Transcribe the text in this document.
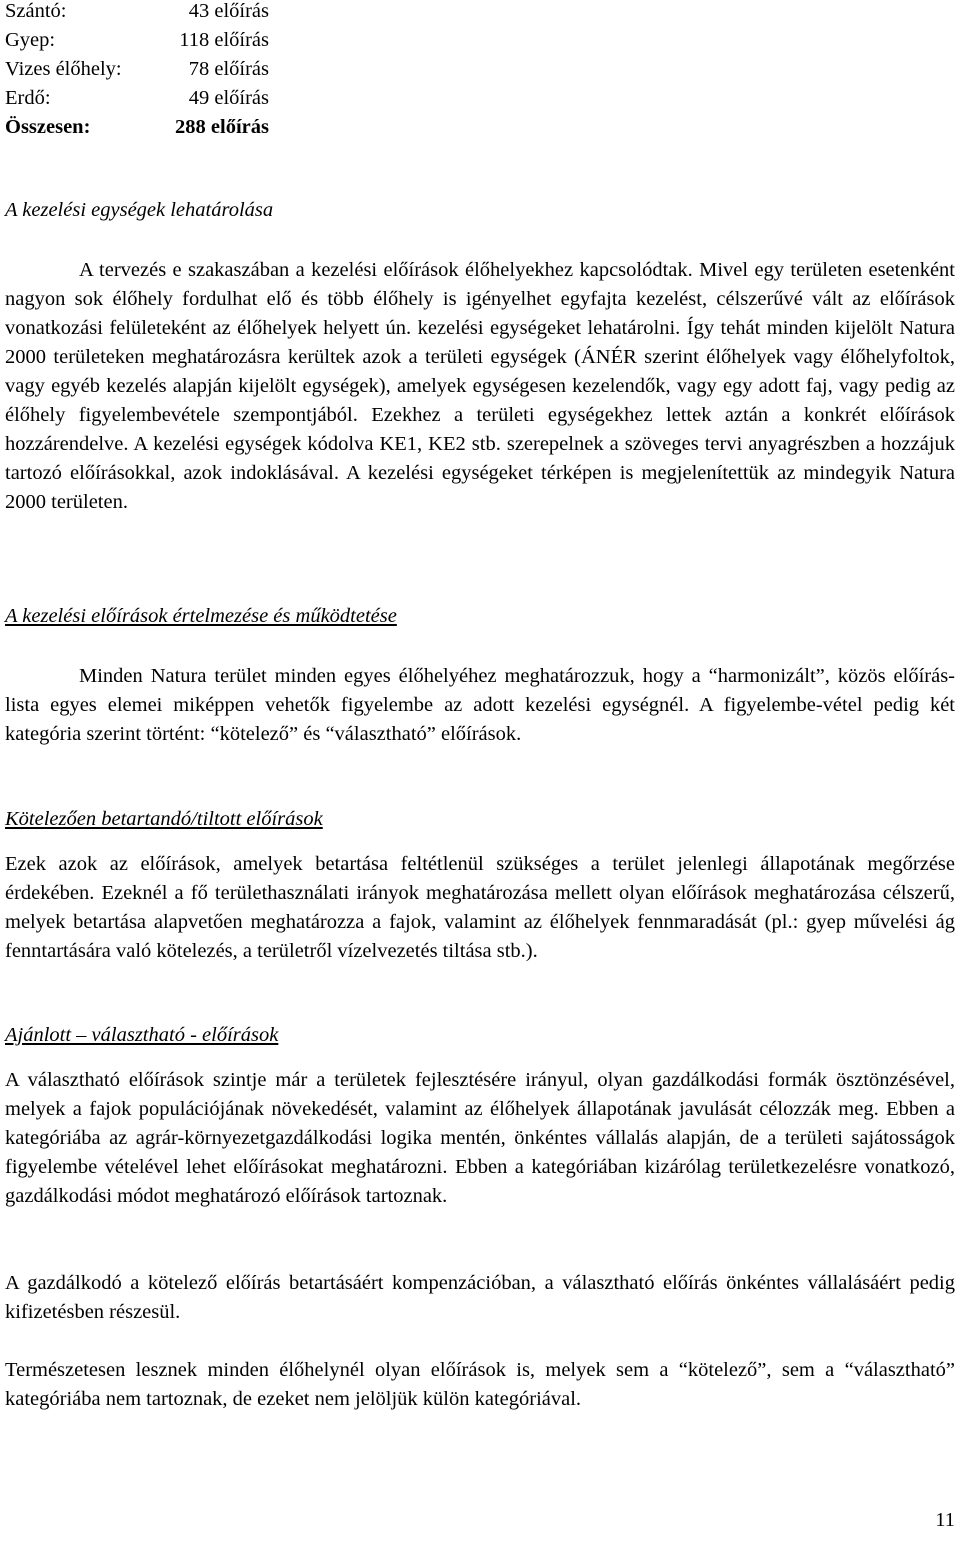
Szántó:	43 előírás
Gyep:	118 előírás
Vizes élőhely:	78 előírás
Erdő:	49 előírás
Összesen:	288 előírás
A kezelési egységek lehatárolása
A tervezés e szakaszában a kezelési előírások élőhelyekhez kapcsolódtak. Mivel egy területen esetenként nagyon sok élőhely fordulhat elő és több élőhely is igényelhet egyfajta kezelést, célszerűvé vált az előírások vonatkozási felületeként az élőhelyek helyett ún. kezelési egységeket lehatárolni. Így tehát minden kijelölt Natura 2000 területeken meghatározásra kerültek azok a területi egységek (ÁNÉR szerint élőhelyek vagy élőhelyfoltok, vagy egyéb kezelés alapján kijelölt egységek), amelyek egységesen kezelendők, vagy egy adott faj, vagy pedig az élőhely figyelembevétele szempontjából. Ezekhez a területi egységekhez lettek aztán a konkrét előírások hozzárendelve. A kezelési egységek kódolva KE1, KE2 stb. szerepelnek a szöveges tervi anyagrészben a hozzájuk tartozó előírásokkal, azok indoklásával. A kezelési egységeket térképen is megjelenítettük az mindegyik Natura 2000 területen.
A kezelési előírások értelmezése és működtetése
Minden Natura terület minden egyes élőhelyéhez meghatározzuk, hogy a “harmonizált”, közös előírás-lista egyes elemei miképpen vehetők figyelembe az adott kezelési egységnél. A figyelembe-vétel pedig két kategória szerint történt: “kötelező” és “választható” előírások.
Kötelezően betartandó/tiltott előírások
Ezek azok az előírások, amelyek betartása feltétlenül szükséges a terület jelenlegi állapotának megőrzése érdekében. Ezeknél a fő területhasználati irányok meghatározása mellett olyan előírások meghatározása célszerű, melyek betartása alapvetően meghatározza a fajok, valamint az élőhelyek fennmaradását (pl.: gyep művelési ág fenntartására való kötelezés, a területről vízelvezetés tiltása stb.).
Ajánlott – választható - előírások
A választható előírások szintje már a területek fejlesztésére irányul, olyan gazdálkodási formák ösztönzésével, melyek a fajok populációjának növekedését, valamint az élőhelyek állapotának javulását célozzák meg. Ebben a kategóriába az agrár-környezetgazdálkodási logika mentén, önkéntes vállalás alapján, de a területi sajátosságok figyelembe vételével lehet előírásokat meghatározni. Ebben a kategóriában kizárólag területkezelésre vonatkozó, gazdálkodási módot meghatározó előírások tartoznak.
A gazdálkodó a kötelező előírás betartásáért kompenzációban, a választható előírás önkéntes vállalásáért pedig kifizetésben részesül.
Természetesen lesznek minden élőhelynél olyan előírások is, melyek sem a “kötelező”, sem a “választható” kategóriába nem tartoznak, de ezeket nem jelöljük külön kategóriával.
11
